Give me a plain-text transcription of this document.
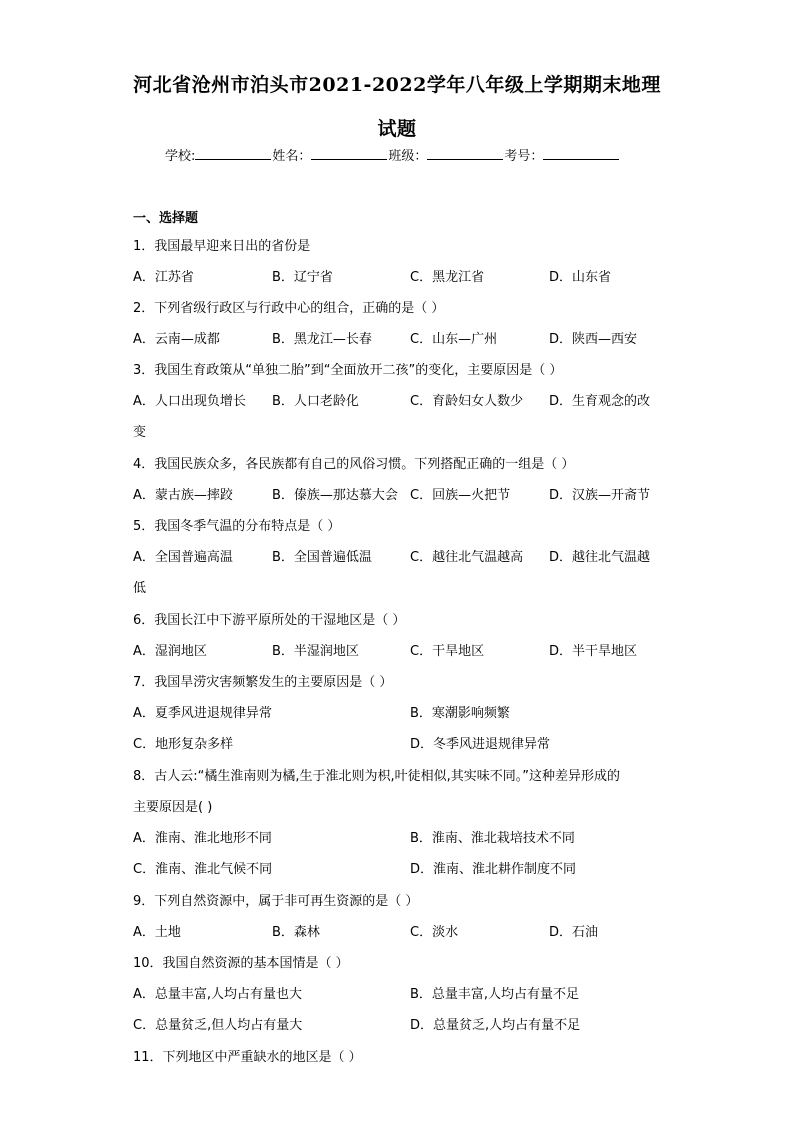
河北省沧州市泊头市2021-2022学年八年级上学期期末地理
试题
学校:	姓名：	班级：	考号：
一、选择题
1．我国最早迎来日出的省份是
A．江苏省	B．辽宁省	C．黑龙江省	D．山东省
2．下列省级行政区与行政中心的组合，正确的是（ ）
A．云南—成都	B．黑龙江—长春	C．山东—广州	D．陕西—西安
3．我国生育政策从“单独二胎”到“全面放开二孩”的变化，主要原因是（ ）
A．人口出现负增长 B．人口老龄化	C．育龄妇女人数少 D．生育观念的改
变
4．我国民族众多，各民族都有自己的风俗习惯。下列搭配正确的一组是（ ）
A．蒙古族—摔跤	B．傣族—那达慕大会 C．回族—火把节	D．汉族—开斋节
5．我国冬季气温的分布特点是（ ）
A．全国普遍高温	B．全国普遍低温	C．越往北气温越高 D．越往北气温越
低
6．我国长江中下游平原所处的干湿地区是（ ）
A．湿润地区	B．半湿润地区	C．干旱地区	D．半干旱地区
7．我国旱涝灾害频繁发生的主要原因是（ ）
A．夏季风进退规律异常	B．寒潮影响频繁
C．地形复杂多样	D．冬季风进退规律异常
8．古人云:“橘生淮南则为橘,生于淮北则为枳,叶徒相似,其实味不同。”这种差异形成的
主要原因是( )
A．淮南、淮北地形不同	B．淮南、淮北栽培技术不同
C．淮南、淮北气候不同	D．淮南、淮北耕作制度不同
9．下列自然资源中，属于非可再生资源的是（ ）
A．土地	B．森林	C．淡水	D．石油
10．我国自然资源的基本国情是（ ）
A．总量丰富,人均占有量也大	B．总量丰富,人均占有量不足
C．总量贫乏,但人均占有量大	D．总量贫乏,人均占有量不足
11．下列地区中严重缺水的地区是（ ）
